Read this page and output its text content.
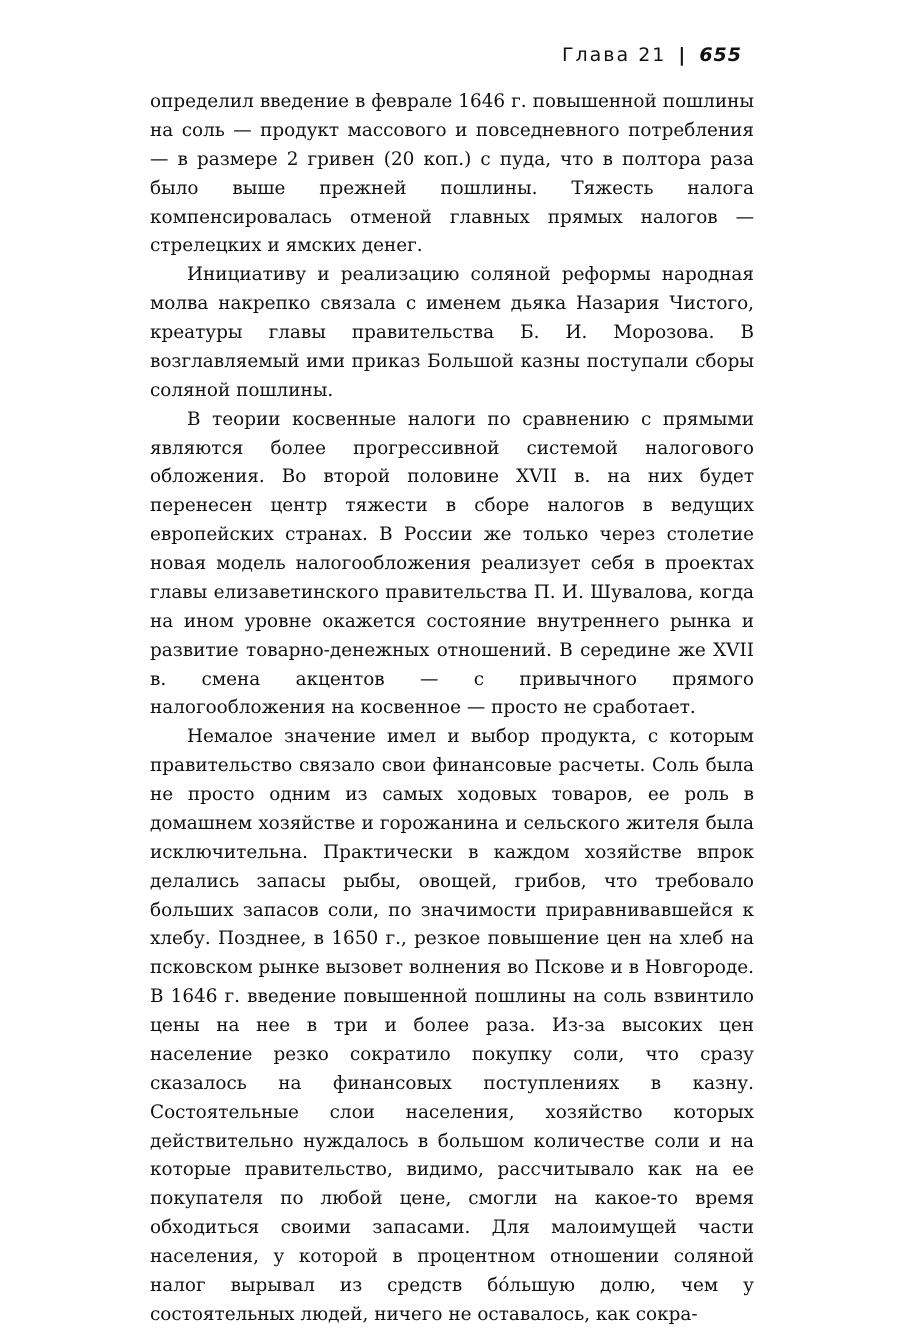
Глава 21 | 655

определил введение в феврале 1646 г. повышенной пошлины на соль — продукт массового и повседневного потребления — в размере 2 гривен (20 коп.) с пуда, что в полтора раза было выше прежней пошлины. Тяжесть налога компенсировалась отменой главных прямых налогов — стрелецких и ямских денег.

Инициативу и реализацию соляной реформы народная молва накрепко связала с именем дьяка Назария Чистого, креатуры главы правительства Б. И. Морозова. В возглавляемый ими приказ Большой казны поступали сборы соляной пошлины.

В теории косвенные налоги по сравнению с прямыми являются более прогрессивной системой налогового обложения. Во второй половине XVII в. на них будет перенесен центр тяжести в сборе налогов в ведущих европейских странах. В России же только через столетие новая модель налогообложения реализует себя в проектах главы елизаветинского правительства П. И. Шувалова, когда на ином уровне окажется состояние внутреннего рынка и развитие товарно-денежных отношений. В середине же XVII в. смена акцентов — с привычного прямого налогообложения на косвенное — просто не сработает.

Немалое значение имел и выбор продукта, с которым правительство связало свои финансовые расчеты. Соль была не просто одним из самых ходовых товаров, ее роль в домашнем хозяйстве и горожанина и сельского жителя была исключительна. Практически в каждом хозяйстве впрок делались запасы рыбы, овощей, грибов, что требовало больших запасов соли, по значимости приравнивавшейся к хлебу. Позднее, в 1650 г., резкое повышение цен на хлеб на псковском рынке вызовет волнения во Пскове и в Новгороде. В 1646 г. введение повышенной пошлины на соль взвинтило цены на нее в три и более раза. Из-за высоких цен население резко сократило покупку соли, что сразу сказалось на финансовых поступлениях в казну. Состоятельные слои населения, хозяйство которых действительно нуждалось в большом количестве соли и на которые правительство, видимо, рассчитывало как на ее покупателя по любой цене, смогли на какое-то время обходиться своими запасами. Для малоимущей части населения, у которой в процентном отношении соляной налог вырывал из средств бо́льшую долю, чем у состоятельных людей, ничего не оставалось, как сокра-
